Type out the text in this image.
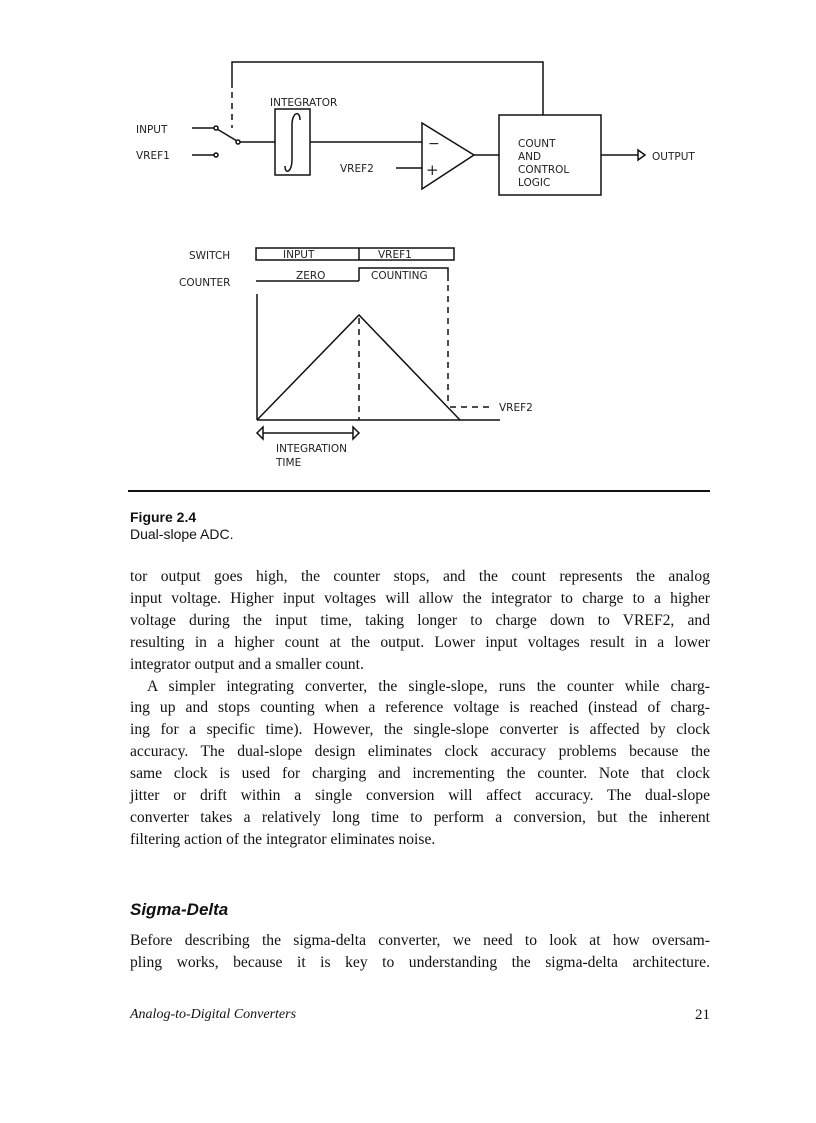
INPUT
VREF1
INTEGRATOR
VREF2
−
+
COUNT
AND
CONTROL
LOGIC
OUTPUT
SWITCH
COUNTER
INPUT	VREF1
ZERO	COUNTING
VREF2
INTEGRATION
TIME
Figure 2.4
Dual-slope ADC.
tor output goes high, the counter stops, and the count represents the analog
input voltage. Higher input voltages will allow the integrator to charge to a higher
voltage during the input time, taking longer to charge down to VREF2, and
resulting in a higher count at the output. Lower input voltages result in a lower
integrator output and a smaller count.
A simpler integrating converter, the single-slope, runs the counter while charg-
ing up and stops counting when a reference voltage is reached (instead of charg-
ing for a specific time). However, the single-slope converter is affected by clock
accuracy. The dual-slope design eliminates clock accuracy problems because the
same clock is used for charging and incrementing the counter. Note that clock
jitter or drift within a single conversion will affect accuracy. The dual-slope
converter takes a relatively long time to perform a conversion, but the inherent
filtering action of the integrator eliminates noise.
Sigma-Delta
Before describing the sigma-delta converter, we need to look at how oversam-
pling works, because it is key to understanding the sigma-delta architecture.
Analog-to-Digital Converters	21
